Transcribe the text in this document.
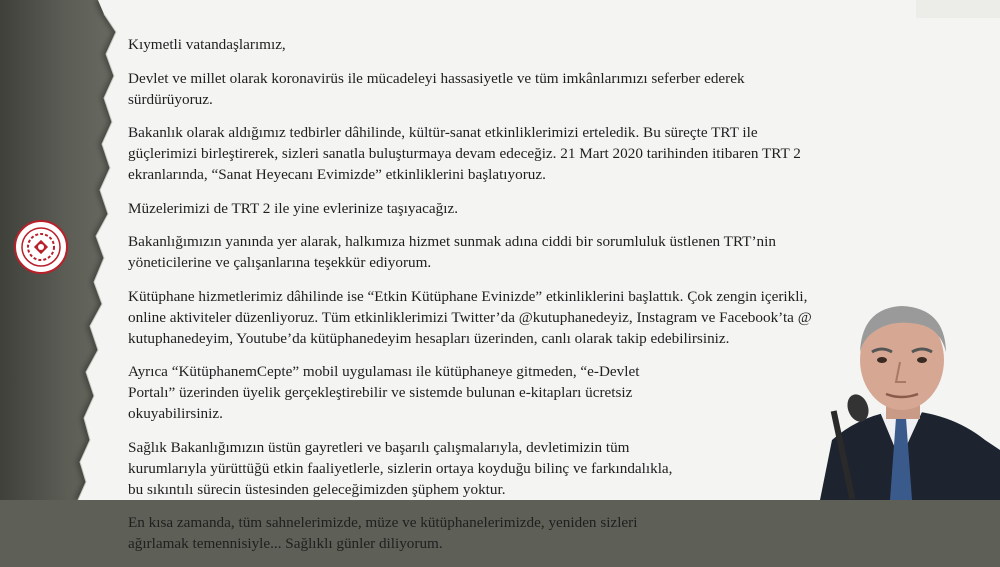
Kıymetli vatandaşlarımız,

Devlet ve millet olarak koronavirüs ile mücadeleyi hassasiyetle ve tüm imkânlarımızı seferber ederek sürdürüyoruz.

Bakanlık olarak aldığımız tedbirler dâhilinde, kültür-sanat etkinliklerimizi erteledik. Bu süreçte TRT ile güçlerimizi birleştirerek, sizleri sanatla buluşturmaya devam edeceğiz. 21 Mart 2020 tarihinden itibaren TRT 2 ekranlarında, “Sanat Heyecanı Evimizde” etkinliklerini başlatıyoruz.

Müzelerimizi de TRT 2 ile yine evlerinize taşıyacağız.

Bakanlığımızın yanında yer alarak, halkımıza hizmet sunmak adına ciddi bir sorumluluk üstlenen TRT’nin yöneticilerine ve çalışanlarına teşekkür ediyorum.

Kütüphane hizmetlerimiz dâhilinde ise “Etkin Kütüphane Evinizde” etkinliklerini başlattık. Çok zengin içerikli, online aktiviteler düzenliyoruz. Tüm etkinliklerimizi Twitter’da @kutuphanedeyiz, Instagram ve Facebook’ta @ kutuphanedeyim, Youtube’da kütüphanedeyim hesapları üzerinden, canlı olarak takip edebilirsiniz.

Ayrıca “KütüphanemCepte” mobil uygulaması ile kütüphaneye gitmeden, “e-Devlet Portalı” üzerinden üyelik gerçekleştirebilir ve sistemde bulunan e-kitapları ücretsiz okuyabilirsiniz.

Sağlık Bakanlığımızın üstün gayretleri ve başarılı çalışmalarıyla, devletimizin tüm kurumlarıyla yürüttüğü etkin faaliyetlerle, sizlerin ortaya koyduğu bilinç ve farkındalıkla, bu sıkıntılı sürecin üstesinden geleceğimizden şüphem yoktur.

En kısa zamanda, tüm sahnelerimizde, müze ve kütüphanelerimizde, yeniden sizleri ağırlamak temennisiyle... Sağlıklı günler diliyorum.
